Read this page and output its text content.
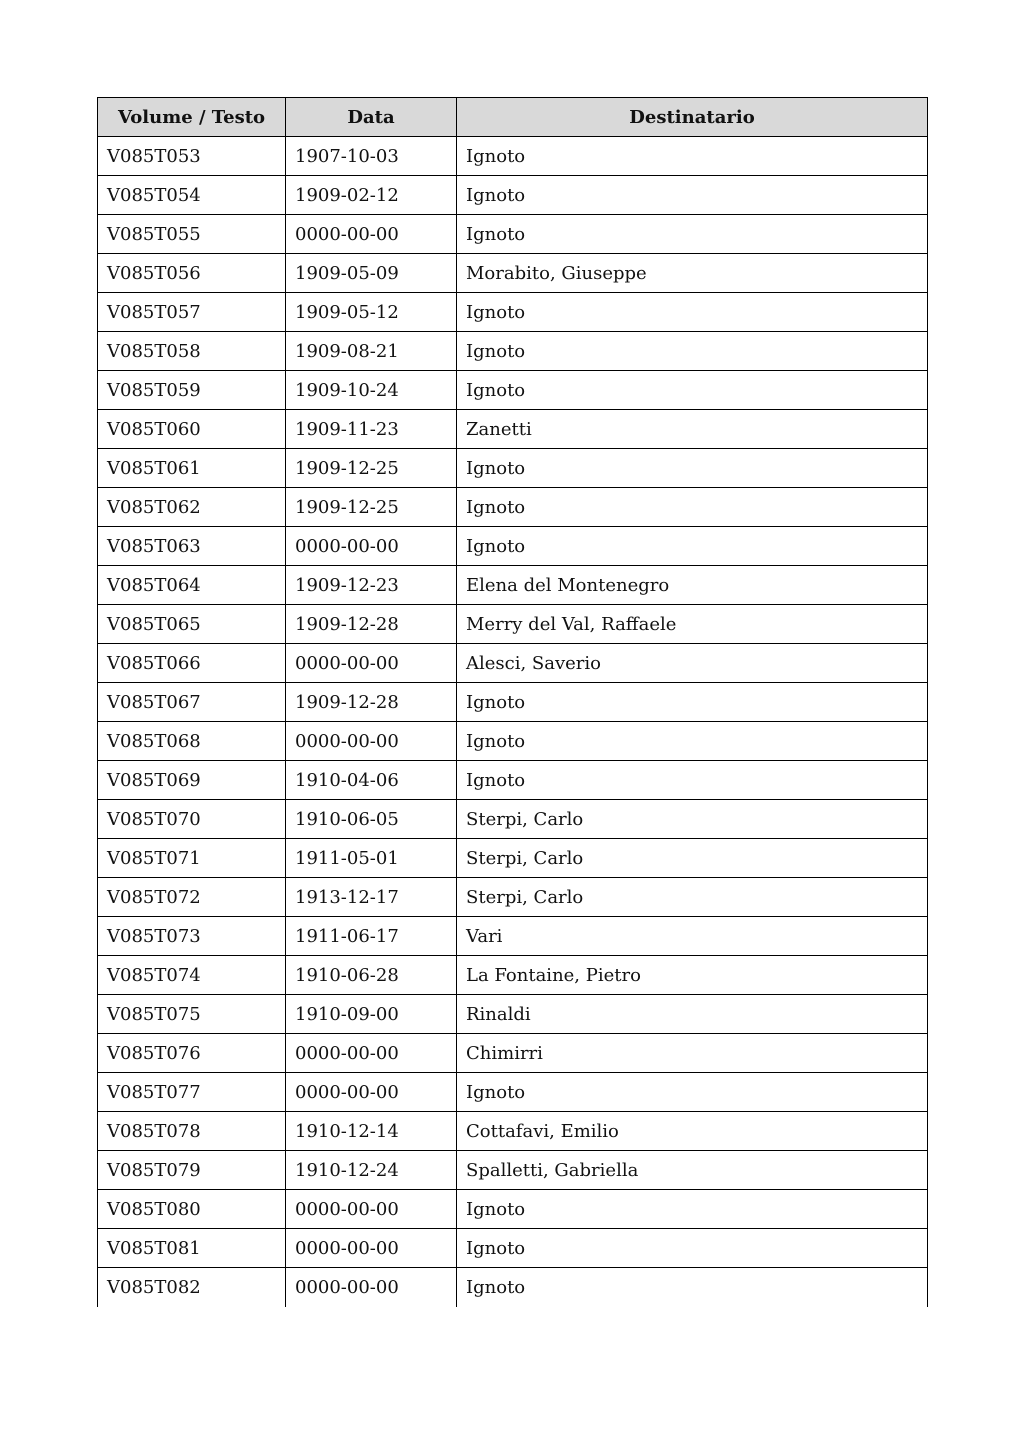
Volume / Testo	Data	Destinatario
V085T053	1907-10-03	Ignoto
V085T054	1909-02-12	Ignoto
V085T055	0000-00-00	Ignoto
V085T056	1909-05-09	Morabito, Giuseppe
V085T057	1909-05-12	Ignoto
V085T058	1909-08-21	Ignoto
V085T059	1909-10-24	Ignoto
V085T060	1909-11-23	Zanetti
V085T061	1909-12-25	Ignoto
V085T062	1909-12-25	Ignoto
V085T063	0000-00-00	Ignoto
V085T064	1909-12-23	Elena del Montenegro
V085T065	1909-12-28	Merry del Val, Raffaele
V085T066	0000-00-00	Alesci, Saverio
V085T067	1909-12-28	Ignoto
V085T068	0000-00-00	Ignoto
V085T069	1910-04-06	Ignoto
V085T070	1910-06-05	Sterpi, Carlo
V085T071	1911-05-01	Sterpi, Carlo
V085T072	1913-12-17	Sterpi, Carlo
V085T073	1911-06-17	Vari
V085T074	1910-06-28	La Fontaine, Pietro
V085T075	1910-09-00	Rinaldi
V085T076	0000-00-00	Chimirri
V085T077	0000-00-00	Ignoto
V085T078	1910-12-14	Cottafavi, Emilio
V085T079	1910-12-24	Spalletti, Gabriella
V085T080	0000-00-00	Ignoto
V085T081	0000-00-00	Ignoto
V085T082	0000-00-00	Ignoto
